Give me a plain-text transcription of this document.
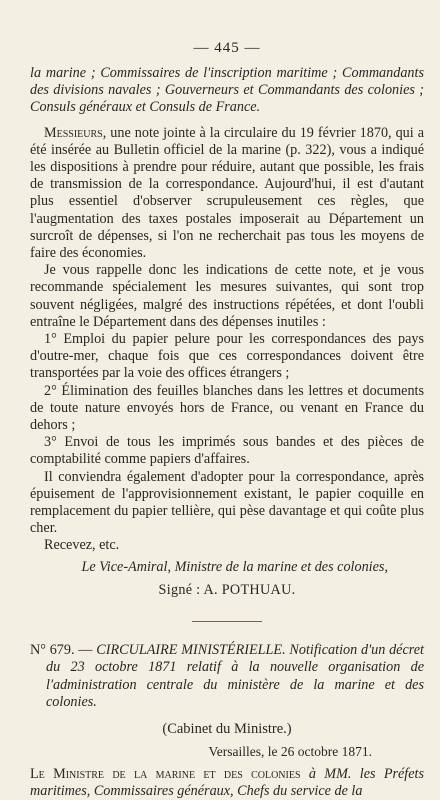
— 445 —

la marine ; Commissaires de l'inscription maritime ; Commandants des divisions navales ; Gouverneurs et Commandants des colonies ; Consuls généraux et Consuls de France.

Messieurs, une note jointe à la circulaire du 19 février 1870, qui a été insérée au Bulletin officiel de la marine (p. 322), vous a indiqué les dispositions à prendre pour réduire, autant que possible, les frais de transmission de la correspondance. Aujourd'hui, il est d'autant plus essentiel d'observer scrupuleusement ces règles, que l'augmentation des taxes postales imposerait au Département un surcroît de dépenses, si l'on ne recherchait pas tous les moyens de faire des économies.

Je vous rappelle donc les indications de cette note, et je vous recommande spécialement les mesures suivantes, qui sont trop souvent négligées, malgré des instructions répétées, et dont l'oubli entraîne le Département dans des dépenses inutiles :

1° Emploi du papier pelure pour les correspondances des pays d'outre-mer, chaque fois que ces correspondances doivent être transportées par la voie des offices étrangers ;

2° Élimination des feuilles blanches dans les lettres et documents de toute nature envoyés hors de France, ou venant en France du dehors ;

3° Envoi de tous les imprimés sous bandes et des pièces de comptabilité comme papiers d'affaires.

Il conviendra également d'adopter pour la correspondance, après épuisement de l'approvisionnement existant, le papier coquille en remplacement du papier tellière, qui pèse davantage et qui coûte plus cher.

Recevez, etc.

Le Vice-Amiral, Ministre de la marine et des colonies,
Signé : A. POTHUAU.

N° 679. — CIRCULAIRE MINISTÉRIELLE. Notification d'un décret du 23 octobre 1871 relatif à la nouvelle organisation de l'administration centrale du ministère de la marine et des colonies.

(Cabinet du Ministre.)
Versailles, le 26 octobre 1871.

Le Ministre de la marine et des colonies à MM. les Préfets maritimes, Commissaires généraux, Chefs du service de la
